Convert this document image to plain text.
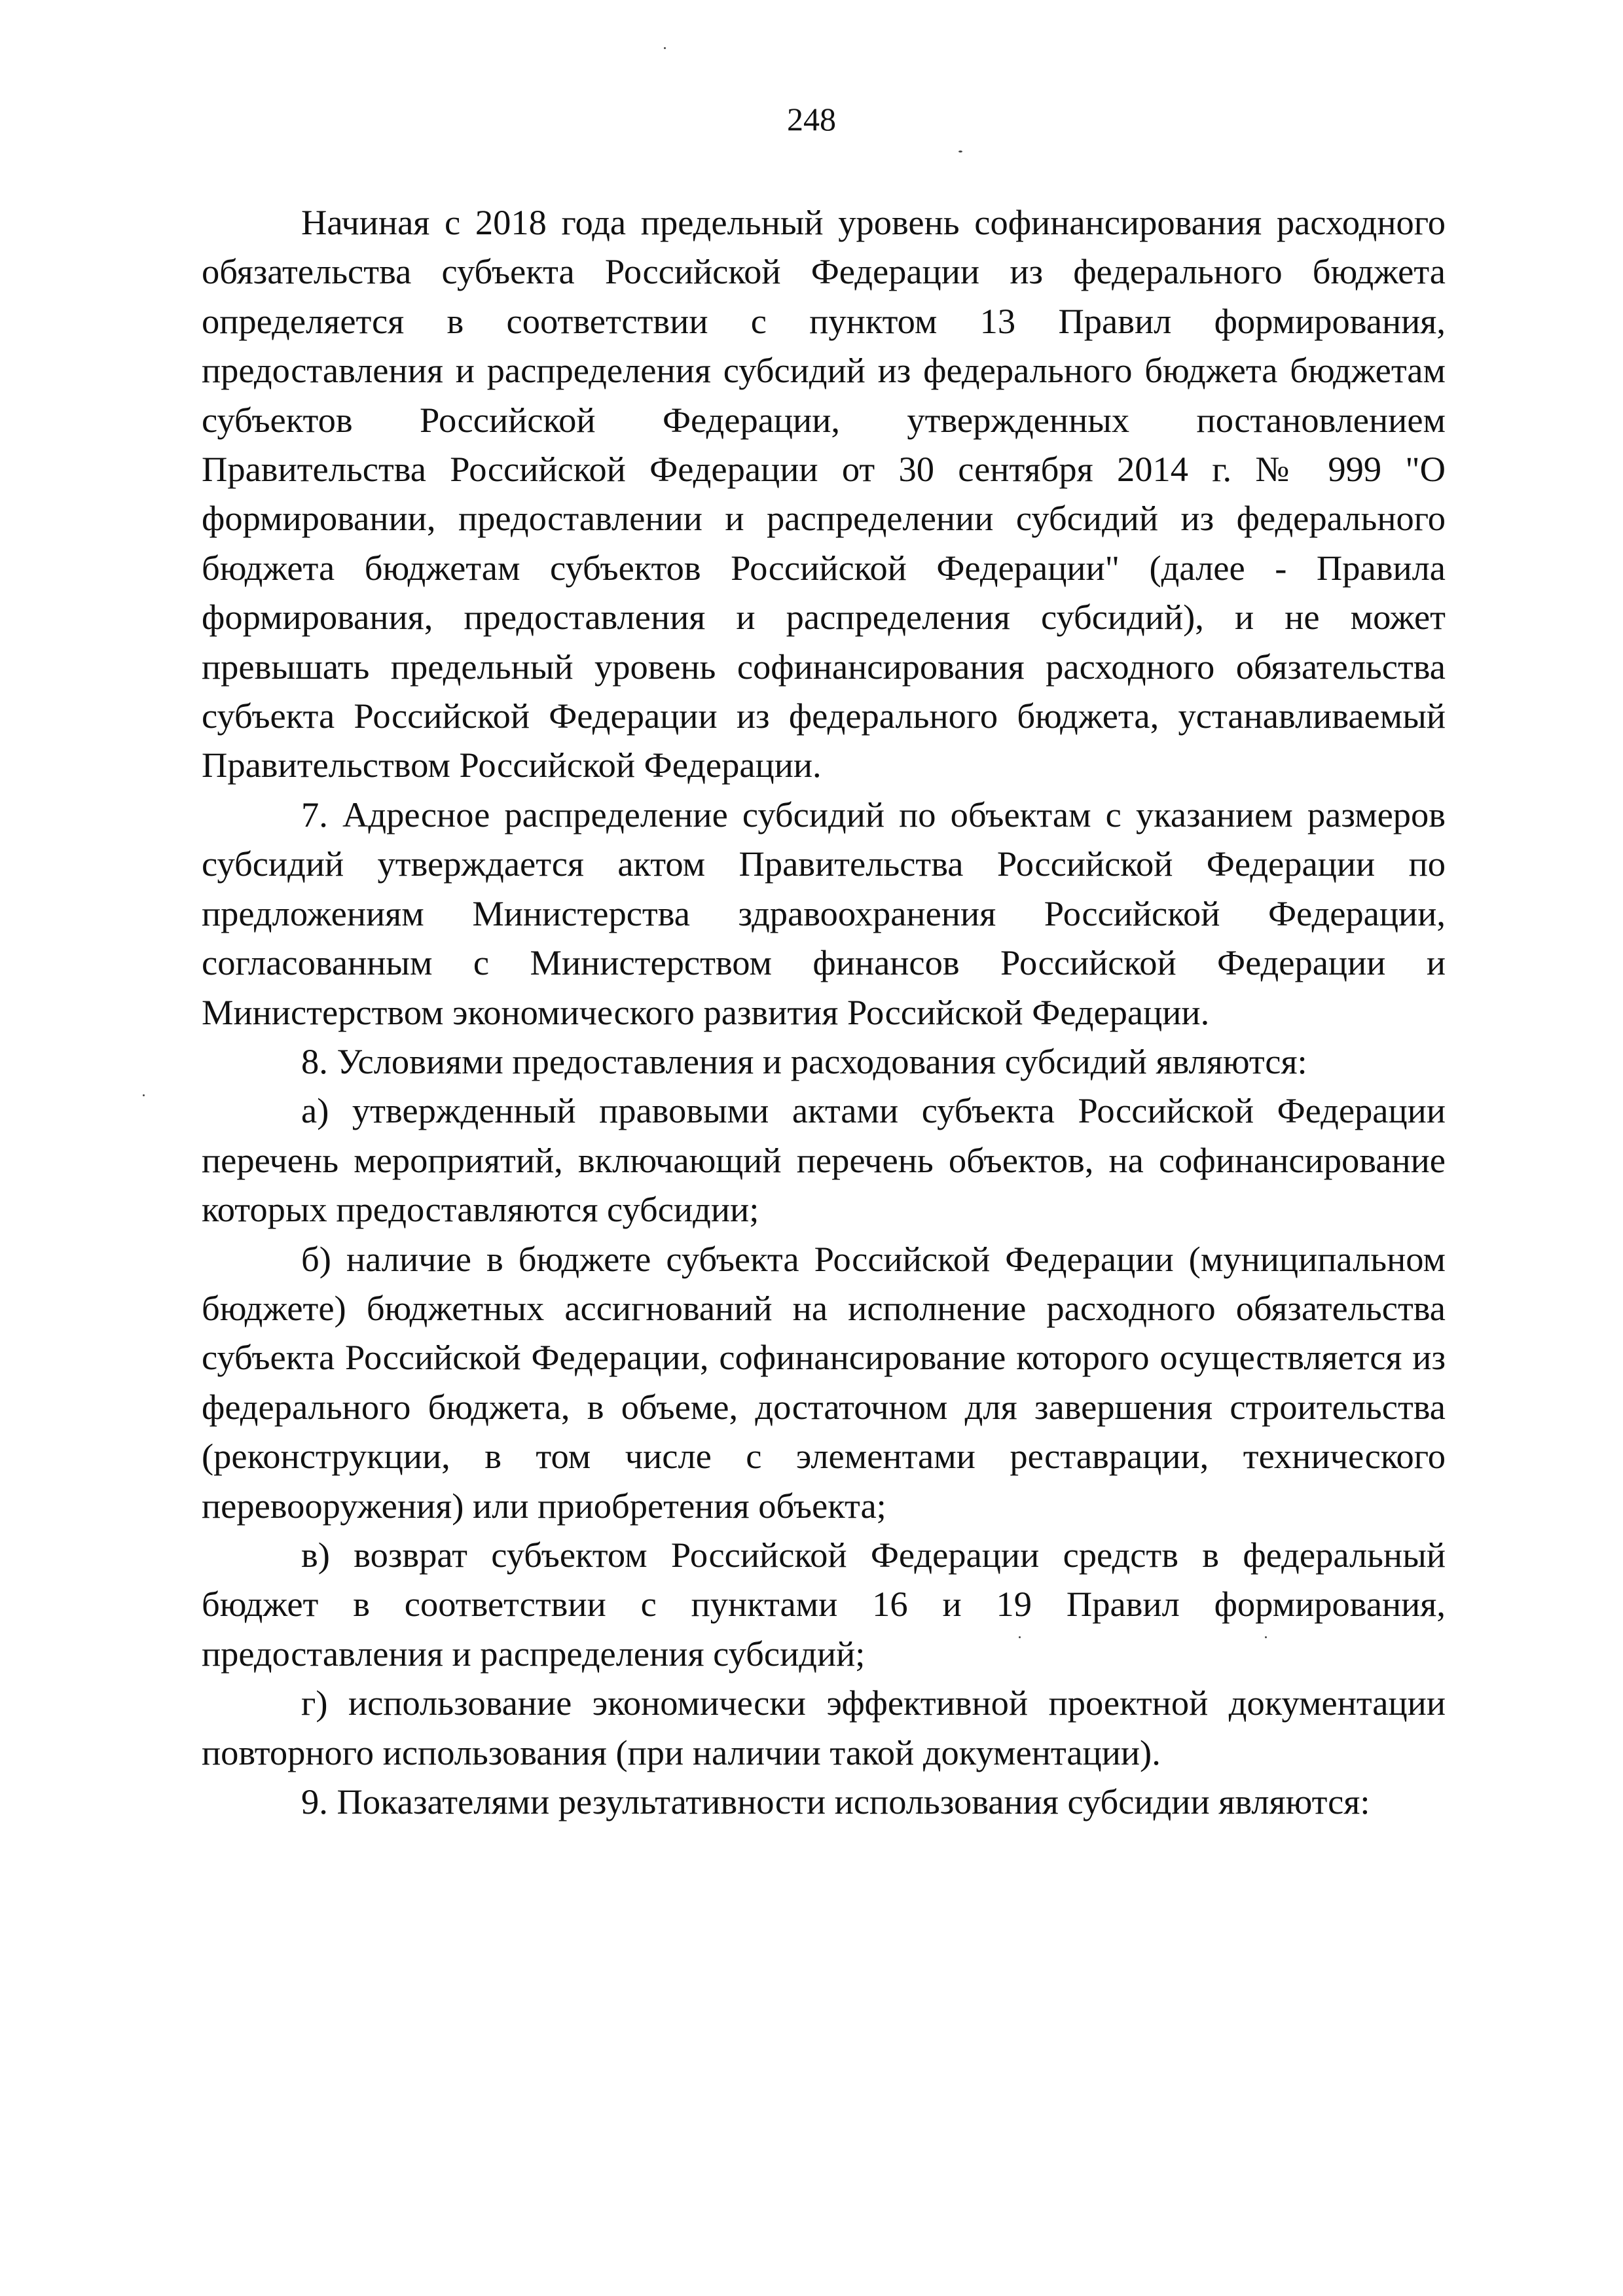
248

Начиная с 2018 года предельный уровень софинансирования расходного обязательства субъекта Российской Федерации из федерального бюджета определяется в соответствии с пунктом 13 Правил формирования, предоставления и распределения субсидий из федерального бюджета бюджетам субъектов Российской Федерации, утвержденных постановлением Правительства Российской Федерации от 30 сентября 2014 г. № 999 "О формировании, предоставлении и распределении субсидий из федерального бюджета бюджетам субъектов Российской Федерации" (далее - Правила формирования, предоставления и распределения субсидий), и не может превышать предельный уровень софинансирования расходного обязательства субъекта Российской Федерации из федерального бюджета, устанавливаемый Правительством Российской Федерации.

7. Адресное распределение субсидий по объектам с указанием размеров субсидий утверждается актом Правительства Российской Федерации по предложениям Министерства здравоохранения Российской Федерации, согласованным с Министерством финансов Российской Федерации и Министерством экономического развития Российской Федерации.

8. Условиями предоставления и расходования субсидий являются:

а) утвержденный правовыми актами субъекта Российской Федерации перечень мероприятий, включающий перечень объектов, на софинансирование которых предоставляются субсидии;

б) наличие в бюджете субъекта Российской Федерации (муниципальном бюджете) бюджетных ассигнований на исполнение расходного обязательства субъекта Российской Федерации, софинансирование которого осуществляется из федерального бюджета, в объеме, достаточном для завершения строительства (реконструкции, в том числе с элементами реставрации, технического перевооружения) или приобретения объекта;

в) возврат субъектом Российской Федерации средств в федеральный бюджет в соответствии с пунктами 16 и 19 Правил формирования, предоставления и распределения субсидий;

г) использование экономически эффективной проектной документации повторного использования (при наличии такой документации).

9. Показателями результативности использования субсидии являются:
